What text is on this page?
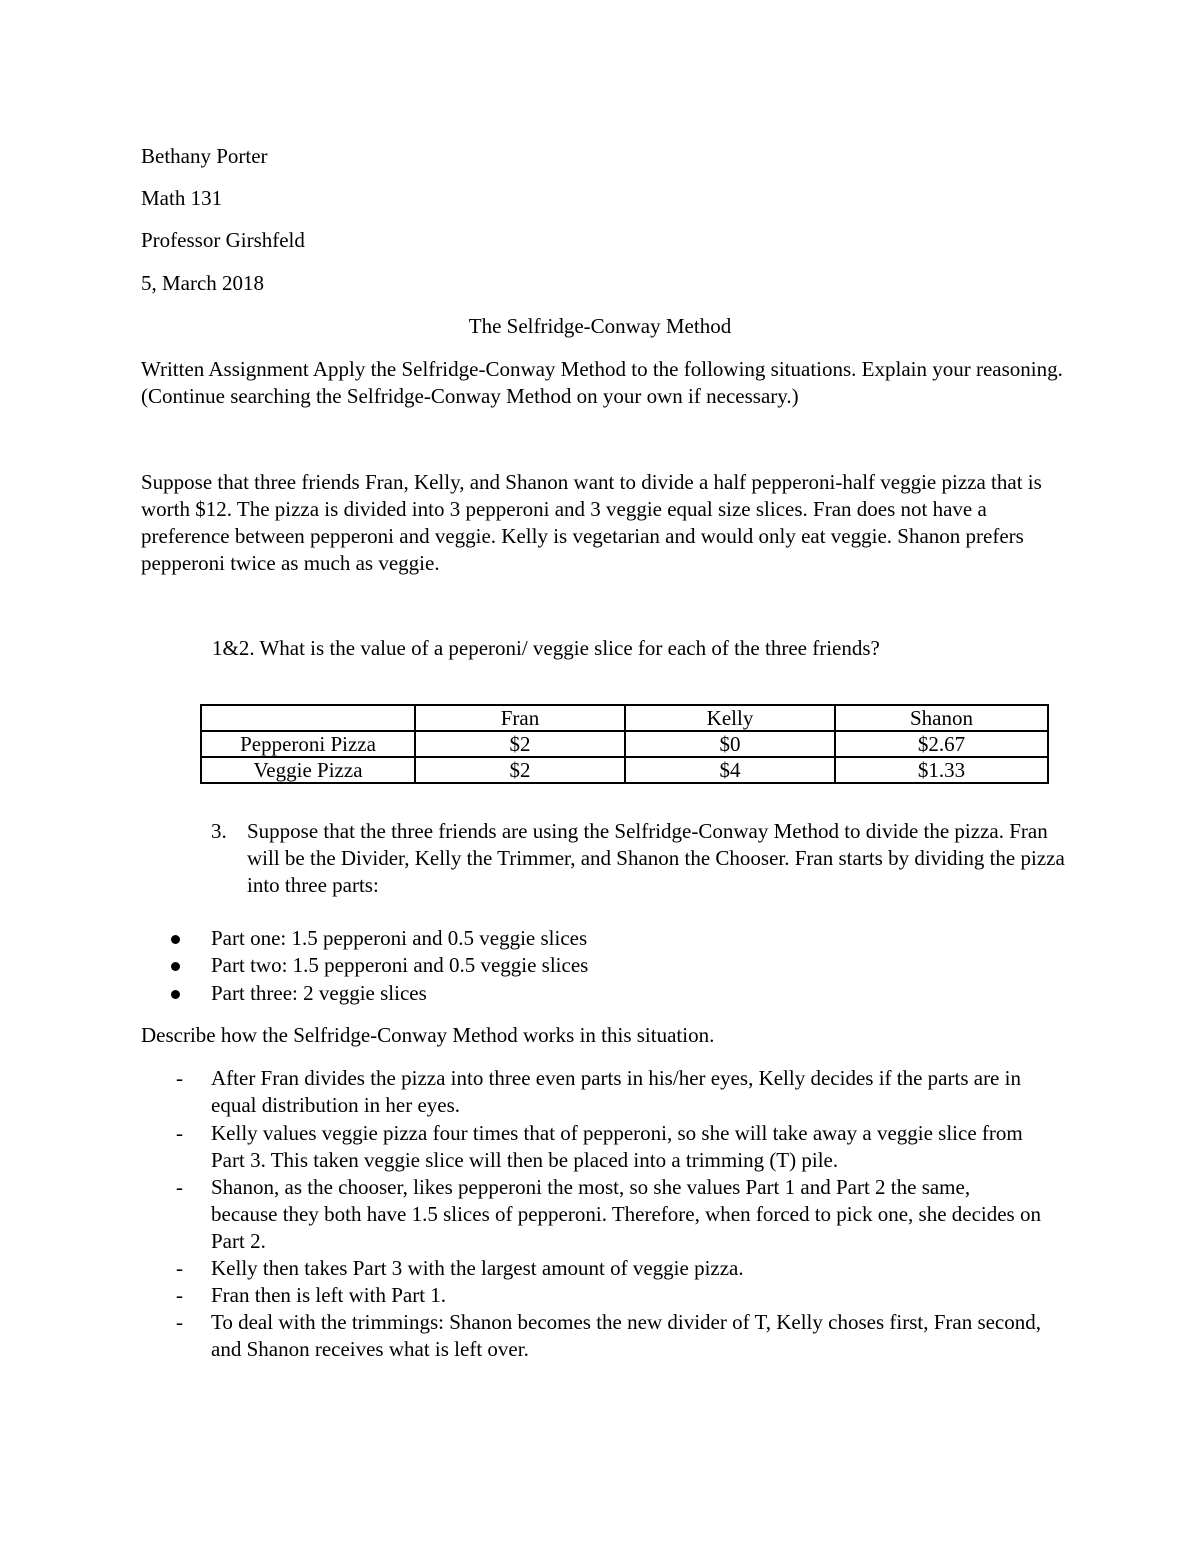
Bethany Porter
Math 131
Professor Girshfeld
5, March 2018
The Selfridge-Conway Method
Written Assignment Apply the Selfridge-Conway Method to the following situations. Explain your reasoning. (Continue searching the Selfridge-Conway Method on your own if necessary.)
Suppose that three friends Fran, Kelly, and Shanon want to divide a half pepperoni-half veggie pizza that is worth $12. The pizza is divided into 3 pepperoni and 3 veggie equal size slices. Fran does not have a preference between pepperoni and veggie. Kelly is vegetarian and would only eat veggie. Shanon prefers pepperoni twice as much as veggie.
1&2. What is the value of a peperoni/ veggie slice for each of the three friends?
	Fran	Kelly	Shanon
Pepperoni Pizza	$2	$0	$2.67
Veggie Pizza	$2	$4	$1.33
3. Suppose that the three friends are using the Selfridge-Conway Method to divide the pizza. Fran will be the Divider, Kelly the Trimmer, and Shanon the Chooser. Fran starts by dividing the pizza into three parts:
Part one: 1.5 pepperoni and 0.5 veggie slices
Part two: 1.5 pepperoni and 0.5 veggie slices
Part three: 2 veggie slices
Describe how the Selfridge-Conway Method works in this situation.
- After Fran divides the pizza into three even parts in his/her eyes, Kelly decides if the parts are in equal distribution in her eyes.
- Kelly values veggie pizza four times that of pepperoni, so she will take away a veggie slice from Part 3. This taken veggie slice will then be placed into a trimming (T) pile.
- Shanon, as the chooser, likes pepperoni the most, so she values Part 1 and Part 2 the same, because they both have 1.5 slices of pepperoni. Therefore, when forced to pick one, she decides on Part 2.
- Kelly then takes Part 3 with the largest amount of veggie pizza.
- Fran then is left with Part 1.
- To deal with the trimmings: Shanon becomes the new divider of T, Kelly choses first, Fran second, and Shanon receives what is left over.
